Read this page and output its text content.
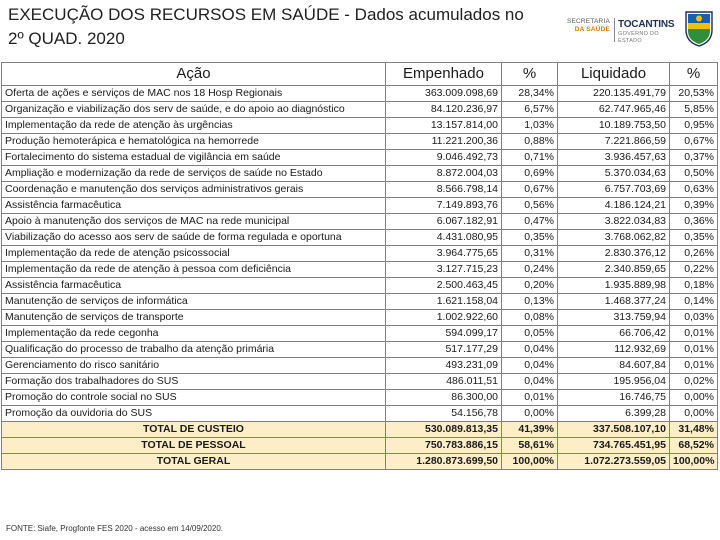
EXECUÇÃO DOS RECURSOS EM SAÚDE - Dados acumulados no
2º QUAD. 2020
SECRETARIA
DA SAÚDE TOCANTINS
GOVERNO DO ESTADO
Ação	Empenhado	%	Liquidado	%
Oferta de ações e serviços de MAC nos 18 Hosp Regionais	363.009.098,69	28,34%	220.135.491,79	20,53%
Organização e viabilização dos serv de saúde, e do apoio ao diagnóstico	84.120.236,97	6,57%	62.747.965,46	5,85%
Implementação da rede de atenção às urgências	13.157.814,00	1,03%	10.189.753,50	0,95%
Produção hemoterápica e hematológica na hemorrede	11.221.200,36	0,88%	7.221.866,59	0,67%
Fortalecimento do sistema estadual de vigilância em saúde	9.046.492,73	0,71%	3.936.457,63	0,37%
Ampliação e modernização da rede de serviços de saúde no Estado	8.872.004,03	0,69%	5.370.034,63	0,50%
Coordenação e manutenção dos serviços administrativos gerais	8.566.798,14	0,67%	6.757.703,69	0,63%
Assistência farmacêutica	7.149.893,76	0,56%	4.186.124,21	0,39%
Apoio à manutenção dos serviços de MAC na rede municipal	6.067.182,91	0,47%	3.822.034,83	0,36%
Viabilização do acesso aos serv de saúde de forma regulada e oportuna	4.431.080,95	0,35%	3.768.062,82	0,35%
Implementação da rede de atenção psicossocial	3.964.775,65	0,31%	2.830.376,12	0,26%
Implementação da rede de atenção à pessoa com deficiência	3.127.715,23	0,24%	2.340.859,65	0,22%
Assistência farmacêutica	2.500.463,45	0,20%	1.935.889,98	0,18%
Manutenção de serviços de informática	1.621.158,04	0,13%	1.468.377,24	0,14%
Manutenção de serviços de transporte	1.002.922,60	0,08%	313.759,94	0,03%
Implementação da rede cegonha	594.099,17	0,05%	66.706,42	0,01%
Qualificação do processo de trabalho da atenção primária	517.177,29	0,04%	112.932,69	0,01%
Gerenciamento do risco sanitário	493.231,09	0,04%	84.607,84	0,01%
Formação dos trabalhadores do SUS	486.011,51	0,04%	195.956,04	0,02%
Promoção do controle social no SUS	86.300,00	0,01%	16.746,75	0,00%
Promoção da ouvidoria do SUS	54.156,78	0,00%	6.399,28	0,00%
TOTAL DE CUSTEIO	530.089.813,35	41,39%	337.508.107,10	31,48%
TOTAL DE PESSOAL	750.783.886,15	58,61%	734.765.451,95	68,52%
TOTAL GERAL	1.280.873.699,50	100,00%	1.072.273.559,05	100,00%
FONTE: Siafe, Progfonte FES 2020 - acesso em 14/09/2020.
